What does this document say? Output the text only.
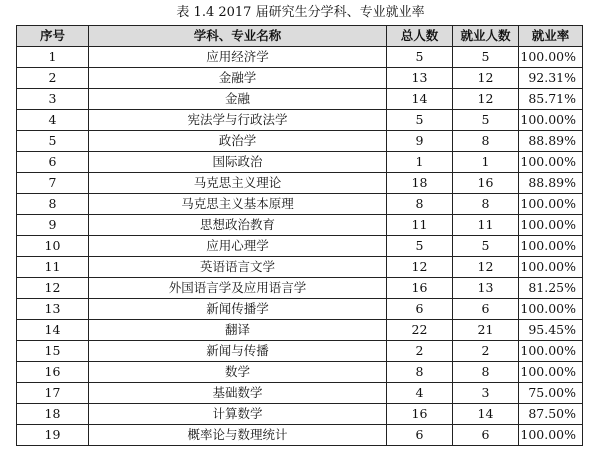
表 1.4 2017 届研究生分学科、专业就业率
序号	学科、专业名称	总人数	就业人数	就业率
1	应用经济学	5	5	100.00%
2	金融学	13	12	92.31%
3	金融	14	12	85.71%
4	宪法学与行政法学	5	5	100.00%
5	政治学	9	8	88.89%
6	国际政治	1	1	100.00%
7	马克思主义理论	18	16	88.89%
8	马克思主义基本原理	8	8	100.00%
9	思想政治教育	11	11	100.00%
10	应用心理学	5	5	100.00%
11	英语语言文学	12	12	100.00%
12	外国语言学及应用语言学	16	13	81.25%
13	新闻传播学	6	6	100.00%
14	翻译	22	21	95.45%
15	新闻与传播	2	2	100.00%
16	数学	8	8	100.00%
17	基础数学	4	3	75.00%
18	计算数学	16	14	87.50%
19	概率论与数理统计	6	6	100.00%
